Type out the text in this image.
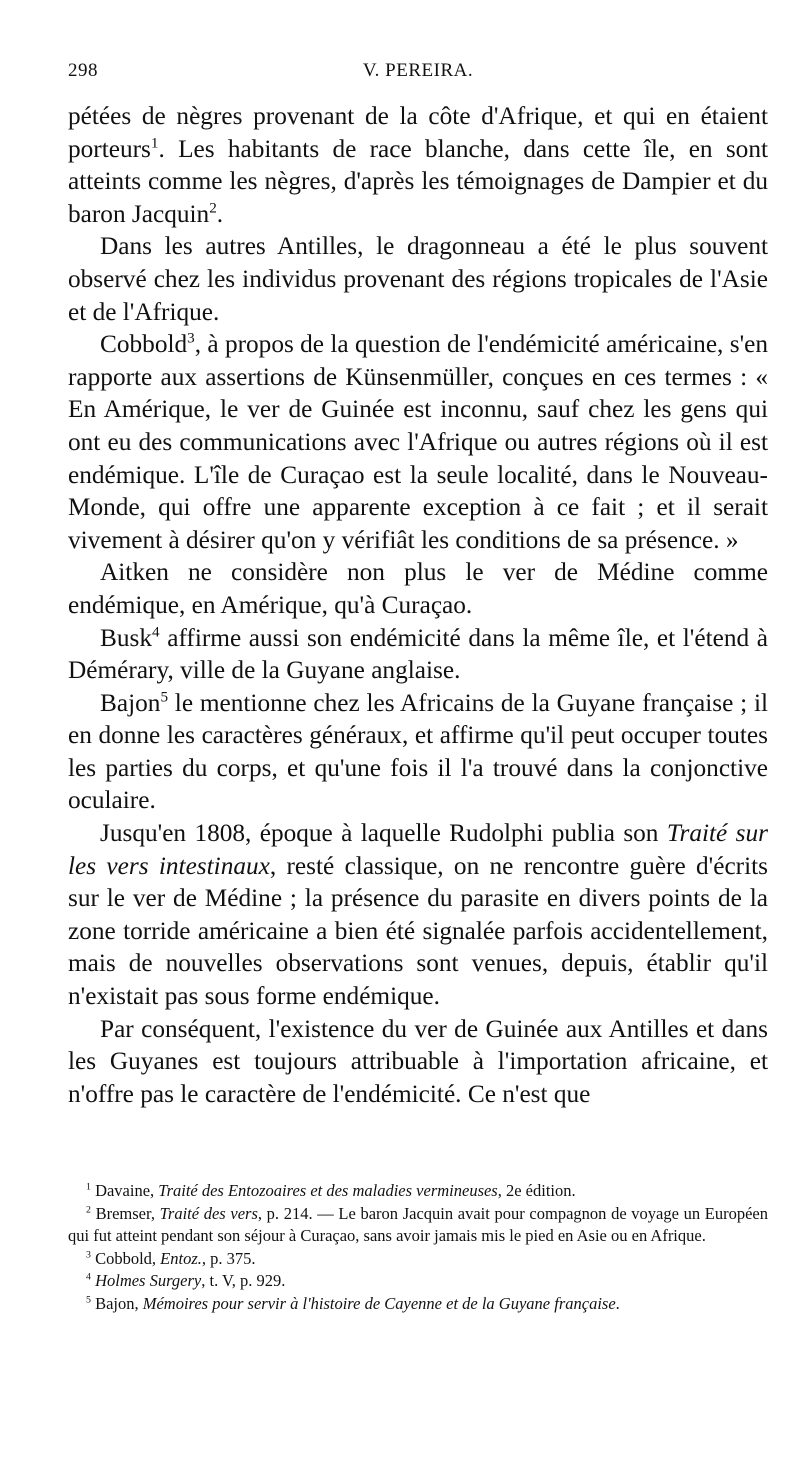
298	V. PEREIRA.

pétées de nègres provenant de la côte d'Afrique, et qui en étaient porteurs$^1$. Les habitants de race blanche, dans cette île, en sont atteints comme les nègres, d'après les témoignages de Dampier et du baron Jacquin$^2$.

Dans les autres Antilles, le dragonneau a été le plus souvent observé chez les individus provenant des régions tropicales de l'Asie et de l'Afrique.

Cobbold$^3$, à propos de la question de l'endémicité américaine, s'en rapporte aux assertions de Künsenmüller, conçues en ces termes : « En Amérique, le ver de Guinée est inconnu, sauf chez les gens qui ont eu des communications avec l'Afrique ou autres régions où il est endémique. L'île de Curaçao est la seule localité, dans le Nouveau-Monde, qui offre une apparente exception à ce fait ; et il serait vivement à désirer qu'on y vérifiât les conditions de sa présence. »

Aitken ne considère non plus le ver de Médine comme endémique, en Amérique, qu'à Curaçao.

Busk$^4$ affirme aussi son endémicité dans la même île, et l'étend à Démérary, ville de la Guyane anglaise.

Bajon$^5$ le mentionne chez les Africains de la Guyane française ; il en donne les caractères généraux, et affirme qu'il peut occuper toutes les parties du corps, et qu'une fois il l'a trouvé dans la conjonctive oculaire.

Jusqu'en 1808, époque à laquelle Rudolphi publia son Traité sur les vers intestinaux, resté classique, on ne rencontre guère d'écrits sur le ver de Médine ; la présence du parasite en divers points de la zone torride américaine a bien été signalée parfois accidentellement, mais de nouvelles observations sont venues, depuis, établir qu'il n'existait pas sous forme endémique.

Par conséquent, l'existence du ver de Guinée aux Antilles et dans les Guyanes est toujours attribuable à l'importation africaine, et n'offre pas le caractère de l'endémicité. Ce n'est que

$^1$ Davaine, Traité des Entozoaires et des maladies vermineuses, 2e édition.

$^2$ Bremser, Traité des vers, p. 214. — Le baron Jacquin avait pour compagnon de voyage un Européen qui fut atteint pendant son séjour à Curaçao, sans avoir jamais mis le pied en Asie ou en Afrique.

$^3$ Cobbold, Entoz., p. 375.

$^4$ Holmes Surgery, t. V, p. 929.

$^5$ Bajon, Mémoires pour servir à l'histoire de Cayenne et de la Guyane française.
